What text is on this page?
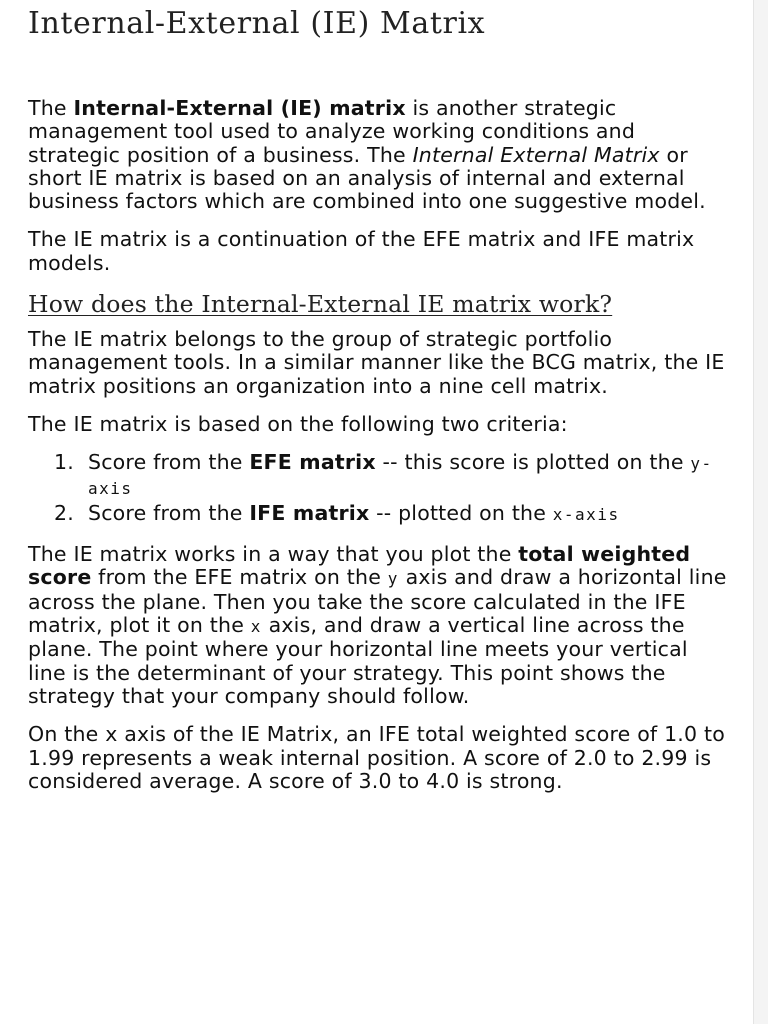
Internal-External (IE) Matrix

The Internal-External (IE) matrix is another strategic management tool used to analyze working conditions and strategic position of a business. The Internal External Matrix or short IE matrix is based on an analysis of internal and external business factors which are combined into one suggestive model.

The IE matrix is a continuation of the EFE matrix and IFE matrix models.

How does the Internal-External IE matrix work?

The IE matrix belongs to the group of strategic portfolio management tools. In a similar manner like the BCG matrix, the IE matrix positions an organization into a nine cell matrix.

The IE matrix is based on the following two criteria:

1. Score from the EFE matrix -- this score is plotted on the y-axis
2. Score from the IFE matrix -- plotted on the x-axis

The IE matrix works in a way that you plot the total weighted score from the EFE matrix on the y axis and draw a horizontal line across the plane. Then you take the score calculated in the IFE matrix, plot it on the x axis, and draw a vertical line across the plane. The point where your horizontal line meets your vertical line is the determinant of your strategy. This point shows the strategy that your company should follow.

On the x axis of the IE Matrix, an IFE total weighted score of 1.0 to 1.99 represents a weak internal position. A score of 2.0 to 2.99 is considered average. A score of 3.0 to 4.0 is strong.
